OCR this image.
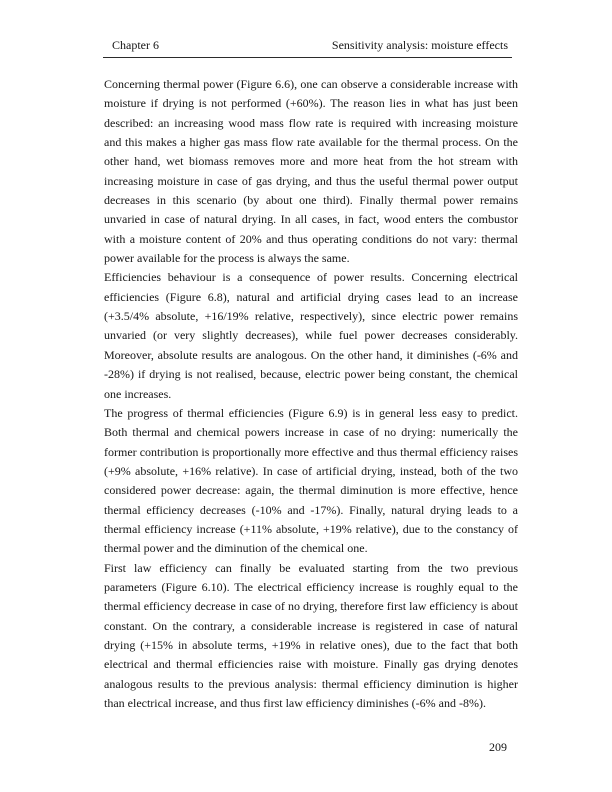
Chapter 6	Sensitivity analysis: moisture effects

Concerning thermal power (Figure 6.6), one can observe a considerable increase with moisture if drying is not performed (+60%). The reason lies in what has just been described: an increasing wood mass flow rate is required with increasing moisture and this makes a higher gas mass flow rate available for the thermal process. On the other hand, wet biomass removes more and more heat from the hot stream with increasing moisture in case of gas drying, and thus the useful thermal power output decreases in this scenario (by about one third). Finally thermal power remains unvaried in case of natural drying. In all cases, in fact, wood enters the combustor with a moisture content of 20% and thus operating conditions do not vary: thermal power available for the process is always the same.

Efficiencies behaviour is a consequence of power results. Concerning electrical efficiencies (Figure 6.8), natural and artificial drying cases lead to an increase (+3.5/4% absolute, +16/19% relative, respectively), since electric power remains unvaried (or very slightly decreases), while fuel power decreases considerably. Moreover, absolute results are analogous. On the other hand, it diminishes (-6% and -28%) if drying is not realised, because, electric power being constant, the chemical one increases.

The progress of thermal efficiencies (Figure 6.9) is in general less easy to predict. Both thermal and chemical powers increase in case of no drying: numerically the former contribution is proportionally more effective and thus thermal efficiency raises (+9% absolute, +16% relative). In case of artificial drying, instead, both of the two considered power decrease: again, the thermal diminution is more effective, hence thermal efficiency decreases (-10% and -17%). Finally, natural drying leads to a thermal efficiency increase (+11% absolute, +19% relative), due to the constancy of thermal power and the diminution of the chemical one.

First law efficiency can finally be evaluated starting from the two previous parameters (Figure 6.10). The electrical efficiency increase is roughly equal to the thermal efficiency decrease in case of no drying, therefore first law efficiency is about constant. On the contrary, a considerable increase is registered in case of natural drying (+15% in absolute terms, +19% in relative ones), due to the fact that both electrical and thermal efficiencies raise with moisture. Finally gas drying denotes analogous results to the previous analysis: thermal efficiency diminution is higher than electrical increase, and thus first law efficiency diminishes (-6% and -8%).

209
